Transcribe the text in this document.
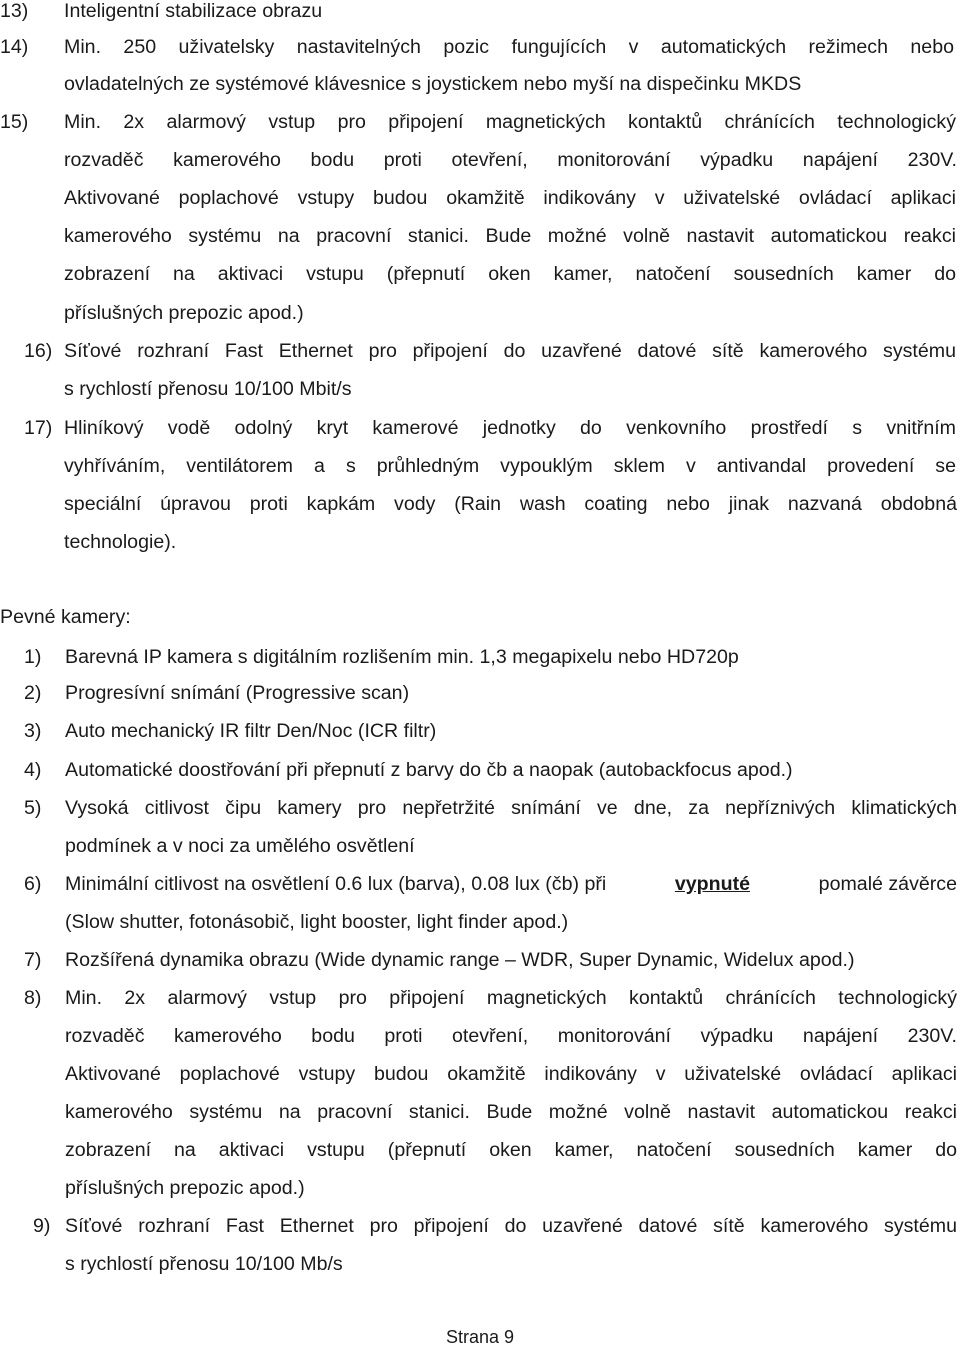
13) Inteligentní stabilizace obrazu
14) Min. 250 uživatelsky nastavitelných pozic fungujících v automatických režimech nebo
ovladatelných ze systémové klávesnice s joystickem nebo myší na dispečinku MKDS
15) Min. 2x alarmový vstup pro připojení magnetických kontaktů chránících technologický
rozvaděč kamerového bodu proti otevření, monitorování výpadku napájení 230V.
Aktivované poplachové vstupy budou okamžitě indikovány v uživatelské ovládací aplikaci
kamerového systému na pracovní stanici. Bude možné volně nastavit automatickou reakci
zobrazení na aktivaci vstupu (přepnutí oken kamer, natočení sousedních kamer do
příslušných prepozic apod.)
16) Síťové rozhraní Fast Ethernet pro připojení do uzavřené datové sítě kamerového systému
s rychlostí přenosu 10/100 Mbit/s
17) Hliníkový vodě odolný kryt kamerové jednotky do venkovního prostředí s vnitřním
vyhříváním, ventilátorem a s průhledným vypouklým sklem v antivandal provedení se
speciální úpravou proti kapkám vody (Rain wash coating nebo jinak nazvaná obdobná
technologie).
Pevné kamery:
1) Barevná IP kamera s digitálním rozlišením min. 1,3 megapixelu nebo HD720p
2) Progresívní snímání (Progressive scan)
3) Auto mechanický IR filtr Den/Noc (ICR filtr)
4) Automatické doostřování při přepnutí z barvy do čb a naopak (autobackfocus apod.)
5) Vysoká citlivost čipu kamery pro nepřetržité snímání ve dne, za nepříznivých klimatických
podmínek a v noci za umělého osvětlení
6) Minimální citlivost na osvětlení 0.6 lux (barva), 0.08 lux (čb) při	vypnuté	pomalé závěrce
(Slow shutter, fotonásobič, light booster, light finder apod.)
7) Rozšířená dynamika obrazu (Wide dynamic range – WDR, Super Dynamic, Widelux apod.)
8) Min. 2x alarmový vstup pro připojení magnetických kontaktů chránících technologický
rozvaděč kamerového bodu proti otevření, monitorování výpadku napájení 230V.
Aktivované poplachové vstupy budou okamžitě indikovány v uživatelské ovládací aplikaci
kamerového systému na pracovní stanici. Bude možné volně nastavit automatickou reakci
zobrazení na aktivaci vstupu (přepnutí oken kamer, natočení sousedních kamer do
příslušných prepozic apod.)
9) Síťové rozhraní Fast Ethernet pro připojení do uzavřené datové sítě kamerového systému
s rychlostí přenosu 10/100 Mb/s
Strana 9
